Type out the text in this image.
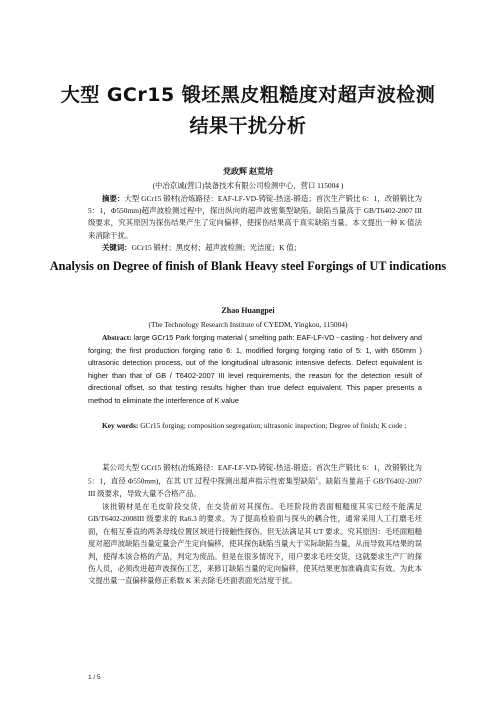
大型 GCr15 锻坯黑皮粗糙度对超声波检测
结果干扰分析
党政辉 赵荒培
(中冶京诚(营口)装备技术有限公司检测中心，营口 115004 )
摘要：大型 GCr15 锻材(冶炼路径：EAF-LF-VD-铸锭-热送-锻造；首次生产锻比 6：1，改锻锻比为 5：1，Φ550mm)超声波检测过程中，探出纵向的超声波密集型缺陷。缺陷当量高于 GB/T6402-2007 III 级要求，究其原因为探伤结果产生了定向偏移，使探伤结果高于真实缺陷当量。本文提出一种 K 值法来消除干扰。
关键词：GCr15 锻材；黑皮材；超声波检测；光洁度；K 值；
Analysis on Degree of finish of Blank Heavy steel Forgings of UT indications
Zhao Huangpei
(The Technology Research Institute of CYEDM, Yingkou, 115004)
Abstract: large GCr15 Park forging material ( smelting path: EAF-LF-VD - casting - hot delivery and forging; the first production forging ratio 6: 1, modified forging forging ratio of 5: 1, with 650mm ) ultrasonic detection process, out of the longitudinal ultrasonic intensive defects. Defect equivalent is higher than that of GB / T6402-2007 III level requirements, the reason for the detection result of directional offset, so that testing results higher than true defect equivalent. This paper presents a method to eliminate the interference of K value
Key words: GCr15 forging; composition segregation; ultrasonic inspection; Degree of finish; K code ;
某公司大型 GCr15 锻材(冶炼路径：EAF-LF-VD-铸锭-热送-锻造；首次生产锻比 6：1，改锻锻比为 5：1，直径 Φ550mm)，在其 UT 过程中探测出超声指示性密集型缺陷$^1$。缺陷当量高于 GB/T6402-2007 III 级要求，导致大量不合格产品。
该批锻材是在毛皮阶段交货，在交货前对其探伤。毛坯阶段的表面粗糙度其实已经不能满足 GB/T6402-2008III 级要求的 Ra6.3 的要求。为了提高检验面与探头的耦合性，通常采用人工打磨毛坯面，在相互垂直的两条母线位置区域进行接触性探伤。但无法满足其 UT 要求。究其原因：毛坯面粗糙度对超声波缺陷当量定量会产生定向偏移，使其探伤缺陷当量大于实际缺陷当量，从而导致其结果的误判，使得本该合格的产品，判定为废品。但是在很多情况下，用户要求毛坯交货，这就要求生产厂的探伤人员，必须改进超声波探伤工艺，来修订缺陷当量的定向偏移，使其结果更加准确真实有效。为此本文提出量一直偏移量修正系数 K 来去除毛坯面表面光洁度干扰。
1 / 5
